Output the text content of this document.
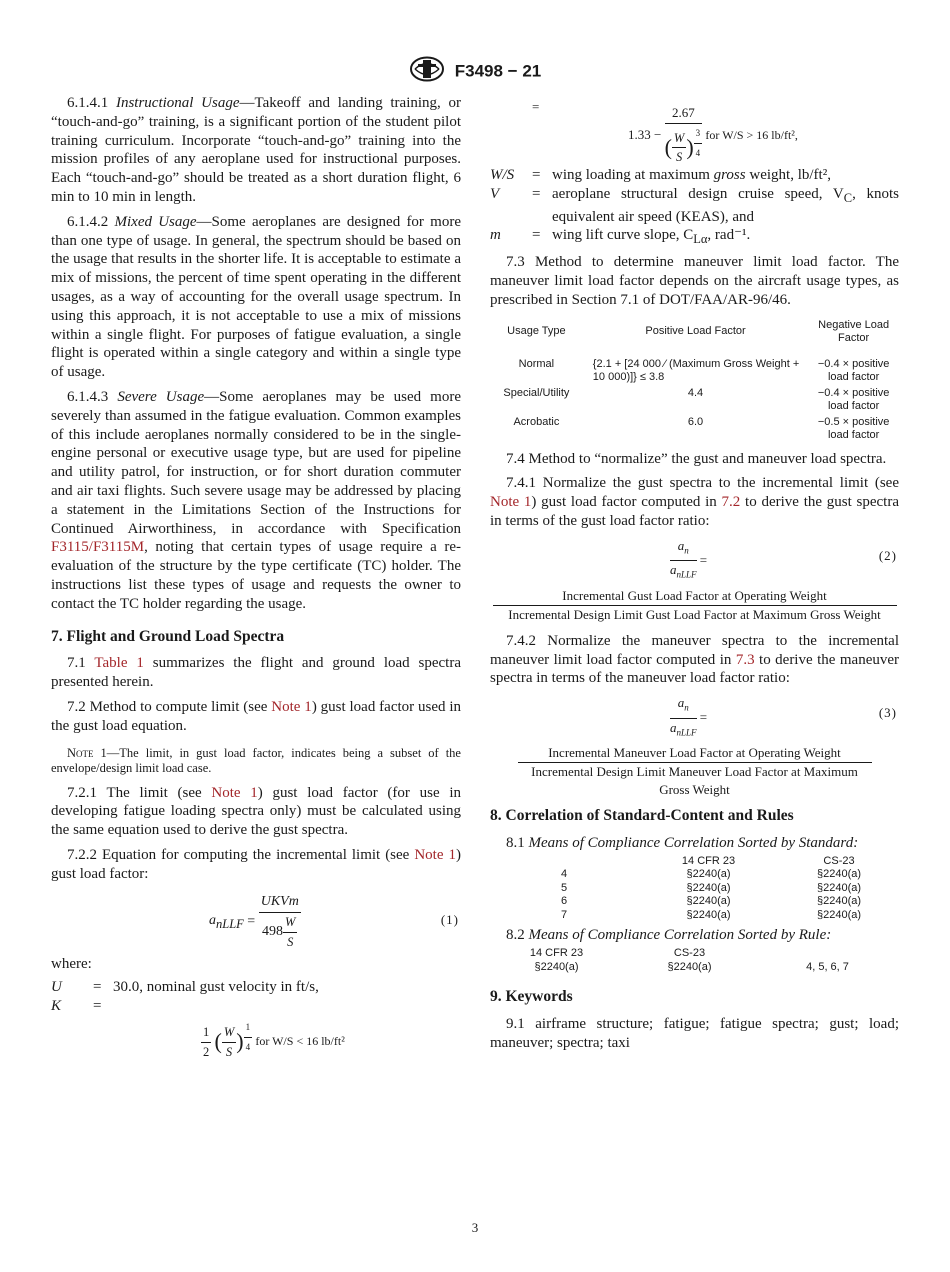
F3498 − 21

6.1.4.1 Instructional Usage—Takeoff and landing training, or “touch-and-go” training, is a significant portion of the student pilot training curriculum. Incorporate “touch-and-go” training into the mission profiles of any aeroplane used for instructional purposes. Each “touch-and-go” should be treated as a short duration flight, 6 min to 10 min in length.

6.1.4.2 Mixed Usage—Some aeroplanes are designed for more than one type of usage. In general, the spectrum should be based on the usage that results in the shorter life. It is acceptable to estimate a mix of missions, the percent of time spent operating in the different usages, as a way of accounting for the overall usage spectrum. In using this approach, it is not acceptable to use a mix of missions within a single flight. For purposes of fatigue evaluation, a single flight is operated within a single category and within a single type of usage.

6.1.4.3 Severe Usage—Some aeroplanes may be used more severely than assumed in the fatigue evaluation. Common examples of this include aeroplanes normally considered to be in the single-engine personal or executive usage type, but are used for pipeline and utility patrol, for instruction, or for short duration commuter and air taxi flights. Such severe usage may be addressed by placing a statement in the Limitations Section of the Instructions for Continued Airworthiness, in accordance with Specification F3115/F3115M, noting that certain types of usage require a re-evaluation of the structure by the type certificate (TC) holder. The instructions list these types of usage and requests the owner to contact the TC holder regarding the usage.

7. Flight and Ground Load Spectra

7.1 Table 1 summarizes the flight and ground load spectra presented herein.

7.2 Method to compute limit (see Note 1) gust load factor used in the gust load equation.

Note 1—The limit, in gust load factor, indicates being a subset of the envelope/design limit load case.

7.2.1 The limit (see Note 1) gust load factor (for use in developing fatigue loading spectra only) must be calculated using the same equation used to derive the gust spectra.

7.2.2 Equation for computing the incremental limit (see Note 1) gust load factor:

$a_{nLLF} = \frac{\text{UKVm}}{498 \frac{W}{S}}$	(1)
where:
U	= 30.0, nominal gust velocity in ft/s,
K	=
$\frac{1}{2}$ ( $\frac{W}{S}$ ) $^{\frac{1}{4}}$ for W/S < 16 lb/ft²
=
1.33 − 2.67
( $\frac{W}{S}$ ) $^{\frac{3}{4}}$ for W/S > 16 lb/ft²,
W/S	= wing loading at maximum gross weight, lb/ft²,
V	= aeroplane structural design cruise speed, $V_C$, knots equivalent air speed (KEAS), and
m	= wing lift curve slope, $C_{L\alpha}$, rad⁻¹.

7.3 Method to determine maneuver limit load factor. The maneuver limit load factor depends on the aircraft usage types, as prescribed in Section 7.1 of DOT/FAA/AR-96/46.

Usage Type	Positive Load Factor	Negative Load Factor

Normal	{2.1 + [24 000 ⁄ (Maximum Gross Weight + 10 000)]} ≤ 3.8	−0.4 × positive load factor
Special/Utility	4.4	−0.4 × positive load factor
Acrobatic	6.0	−0.5 × positive load factor

7.4 Method to “normalize” the gust and maneuver load spectra.

7.4.1 Normalize the gust spectra to the incremental limit (see Note 1) gust load factor computed in 7.2 to derive the gust spectra in terms of the gust load factor ratio:

$\frac{a_n}{a_{nLLF}}$ =	(2)
Incremental Gust Load Factor at Operating Weight
Incremental Design Limit Gust Load Factor at Maximum Gross Weight

7.4.2 Normalize the maneuver spectra to the incremental maneuver limit load factor computed in 7.3 to derive the maneuver spectra in terms of the maneuver load factor ratio:

$\frac{a_n}{a_{nLLF}}$ =	(3)
Incremental Maneuver Load Factor at Operating Weight
Incremental Design Limit Maneuver Load Factor at Maximum
Gross Weight
8. Correlation of Standard-Content and Rules

8.1 Means of Compliance Correlation Sorted by Standard:

	14 CFR 23	CS-23
4	§2240(a)	§2240(a)
5	§2240(a)	§2240(a)
6	§2240(a)	§2240(a)
7	§2240(a)	§2240(a)

8.2 Means of Compliance Correlation Sorted by Rule:

14 CFR 23	CS-23	
§2240(a)	§2240(a)	4, 5, 6, 7
9. Keywords

9.1 airframe structure; fatigue; fatigue spectra; gust; load; maneuver; spectra; taxi

3
